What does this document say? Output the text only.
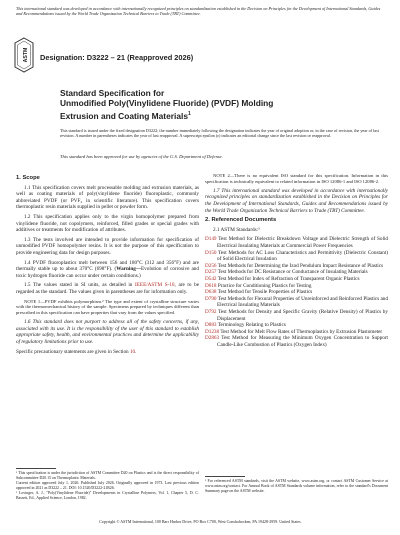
This international standard was developed in accordance with internationally recognized principles on standardization established in the Decision on Principles for the Development of International Standards, Guides and Recommendations issued by the World Trade Organization Technical Barriers to Trade (TBT) Committee.
ASTM Designation: D3222 – 21 (Reapproved 2026)
Standard Specification for
Unmodified Poly(Vinylidene Fluoride) (PVDF) Molding
Extrusion and Coating Materials$^1$
This standard is issued under the fixed designation D3222; the number immediately following the designation indicates the year of original adoption or, in the case of revision, the year of last revision. A number in parentheses indicates the year of last reapproval. A superscript epsilon (ε) indicates an editorial change since the last revision or reapproval.
This standard has been approved for use by agencies of the U.S. Department of Defense.
1. Scope

1.1 This specification covers melt processable molding and extrusion materials, as well as coating materials of poly(vinylidene fluoride) fluoroplastic, commonly abbreviated PVDF (or PVF₂ in scientific literature). This specification covers thermoplastic resin materials supplied in pellet or powder form.

1.2 This specification applies only to the virgin homopolymer prepared from vinylidene fluoride, not copolymers, reinforced, filled grades or special grades with additives or treatments for modification of attributes.

1.3 The tests involved are intended to provide information for specification of unmodified PVDF homopolymer resins. It is not the purpose of this specification to provide engineering data for design purposes.

1.4 PVDF fluoroplastics melt between 156 and 180°C (312 and 356°F) and are thermally stable up to about 370°C (698°F). (Warning—Evolution of corrosive and toxic hydrogen fluoride can occur under certain conditions.)

1.5 The values stated in SI units, as detailed in IEEE/ASTM S-10, are to be regarded as the standard. The values given in parentheses are for information only.

NOTE 1—PVDF exhibits polymorphism.² The type and extent of crystalline structure varies with the thermomechanical history of the sample. Specimens prepared by techniques different than prescribed in this specification can have properties that vary from the values specified.

1.6 This standard does not purport to address all of the safety concerns, if any, associated with its use. It is the responsibility of the user of this standard to establish appropriate safety, health, and environmental practices and determine the applicability of regulatory limitations prior to use.

Specific precautionary statements are given in Section 10.

NOTE 2—There is no equivalent ISO standard for this specification. Information in this specification is technically equivalent to related information in ISO 12086-1 and ISO 12086-2.

1.7 This international standard was developed in accordance with internationally recognized principles on standardization established in the Decision on Principles for the Development of International Standards, Guides and Recommendations issued by the World Trade Organization Technical Barriers to Trade (TBT) Committee.

2. Referenced Documents

2.1 ASTM Standards:³

D149 Test Method for Dielectric Breakdown Voltage and Dielectric Strength of Solid Electrical Insulating Materials at Commercial Power Frequencies

D150 Test Methods for AC Loss Characteristics and Permittivity (Dielectric Constant) of Solid Electrical Insulation

D256 Test Methods for Determining the Izod Pendulum Impact Resistance of Plastics

D257 Test Methods for DC Resistance or Conductance of Insulating Materials

D542 Test Method for Index of Refraction of Transparent Organic Plastics

D618 Practice for Conditioning Plastics for Testing

D638 Test Method for Tensile Properties of Plastics

D790 Test Methods for Flexural Properties of Unreinforced and Reinforced Plastics and Electrical Insulating Materials

D792 Test Methods for Density and Specific Gravity (Relative Density) of Plastics by Displacement

D883 Terminology Relating to Plastics

D1238 Test Method for Melt Flow Rates of Thermoplastics by Extrusion Plastometer

D2863 Test Method for Measuring the Minimum Oxygen Concentration to Support Candle-Like Combustion of Plastics (Oxygen Index)

¹ This specification is under the jurisdiction of ASTM Committee D20 on Plastics and is the direct responsibility of Subcommittee D20.15 on Thermoplastic Materials.
Current edition approved July 1, 2026. Published July 2026. Originally approved in 1973. Last previous edition approved in 2021 as D3222 – 21. DOI: 10.1520/D3222-21R26.
² Lovinger, A. J., "Poly(Vinylidene Fluoride)" Developments in Crystalline Polymers, Vol. 1, Chapter 5, D. C. Bassett, Ed., Applied Science, London, 1982.
³ For referenced ASTM standards, visit the ASTM website, www.astm.org, or contact ASTM Customer Service at www.astm.org/contact. For Annual Book of ASTM Standards volume information, refer to the standard's Document Summary page on the ASTM website.
Copyright © ASTM International, 100 Barr Harbor Drive, PO Box C700, West Conshohocken, PA 19428-2959. United States
